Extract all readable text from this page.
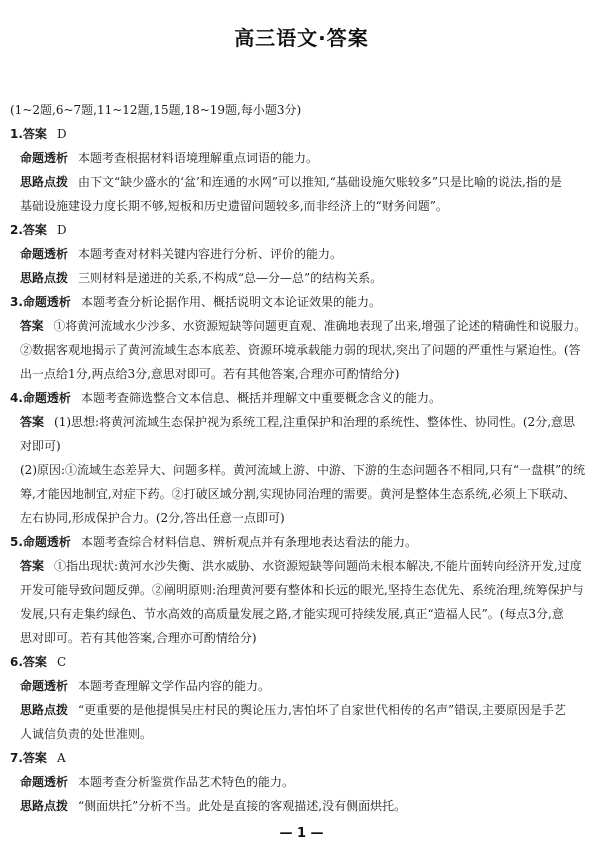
高三语文·答案

(1~2题,6~7题,11~12题,15题,18~19题,每小题3分)

1.答案 D

命题透析 本题考查根据材料语境理解重点词语的能力。

思路点拨 由下文“缺少盛水的‘盆’和连通的水网”可以推知,“基础设施欠账较多”只是比喻的说法,指的是

基础设施建设力度长期不够,短板和历史遗留问题较多,而非经济上的“财务问题”。

2.答案 D

命题透析 本题考查对材料关键内容进行分析、评价的能力。

思路点拨 三则材料是递进的关系,不构成“总—分—总”的结构关系。

3.命题透析 本题考查分析论据作用、概括说明文本论证效果的能力。

答案 ①将黄河流域水少沙多、水资源短缺等问题更直观、准确地表现了出来,增强了论述的精确性和说服力。

②数据客观地揭示了黄河流域生态本底差、资源环境承载能力弱的现状,突出了问题的严重性与紧迫性。(答

出一点给1分,两点给3分,意思对即可。若有其他答案,合理亦可酌情给分)

4.命题透析 本题考查筛选整合文本信息、概括并理解文中重要概念含义的能力。

答案 (1)思想:将黄河流域生态保护视为系统工程,注重保护和治理的系统性、整体性、协同性。(2分,意思

对即可)

(2)原因:①流域生态差异大、问题多样。黄河流域上游、中游、下游的生态问题各不相同,只有“一盘棋”的统

筹,才能因地制宜,对症下药。②打破区域分割,实现协同治理的需要。黄河是整体生态系统,必须上下联动、

左右协同,形成保护合力。(2分,答出任意一点即可)

5.命题透析 本题考查综合材料信息、辨析观点并有条理地表达看法的能力。

答案 ①指出现状:黄河水沙失衡、洪水威胁、水资源短缺等问题尚未根本解决,不能片面转向经济开发,过度

开发可能导致问题反弹。②阐明原则:治理黄河要有整体和长远的眼光,坚持生态优先、系统治理,统筹保护与

发展,只有走集约绿色、节水高效的高质量发展之路,才能实现可持续发展,真正“造福人民”。(每点3分,意

思对即可。若有其他答案,合理亦可酌情给分)

6.答案 C

命题透析 本题考查理解文学作品内容的能力。

思路点拨 “更重要的是他提惧吴庄村民的舆论压力,害怕坏了自家世代相传的名声”错误,主要原因是手艺

人诚信负责的处世准则。

7.答案 A

命题透析 本题考查分析鉴赏作品艺术特色的能力。

思路点拨 “侧面烘托”分析不当。此处是直接的客观描述,没有侧面烘托。

— 1 —
